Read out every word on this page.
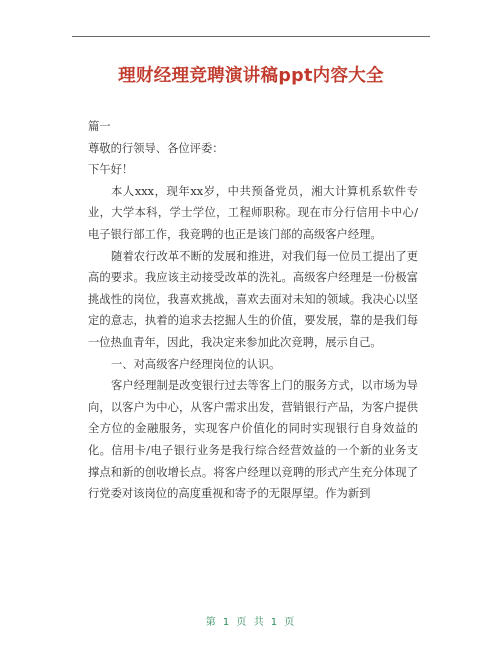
理财经理竞聘演讲稿ppt内容大全

篇一

尊敬的行领导、各位评委：

下午好！

本人xxx，现年xx岁，中共预备党员，湘大计算机系软件专业，大学本科，学士学位，工程师职称。现在市分行信用卡中心/电子银行部工作，我竞聘的也正是该门部的高级客户经理。

随着农行改革不断的发展和推进，对我们每一位员工提出了更高的要求。我应该主动接受改革的洗礼。高级客户经理是一份极富挑战性的岗位，我喜欢挑战，喜欢去面对未知的领域。我决心以坚定的意志，执着的追求去挖掘人生的价值，要发展，靠的是我们每一位热血青年，因此，我决定来参加此次竞聘，展示自己。

一、对高级客户经理岗位的认识。

客户经理制是改变银行过去等客上门的服务方式，以市场为导向，以客户为中心，从客户需求出发，营销银行产品，为客户提供全方位的金融服务，实现客户价值化的同时实现银行自身效益的化。信用卡/电子银行业务是我行综合经营效益的一个新的业务支撑点和新的创收增长点。将客户经理以竞聘的形式产生充分体现了行党委对该岗位的高度重视和寄予的无限厚望。作为新到

第 1 页 共 1 页
